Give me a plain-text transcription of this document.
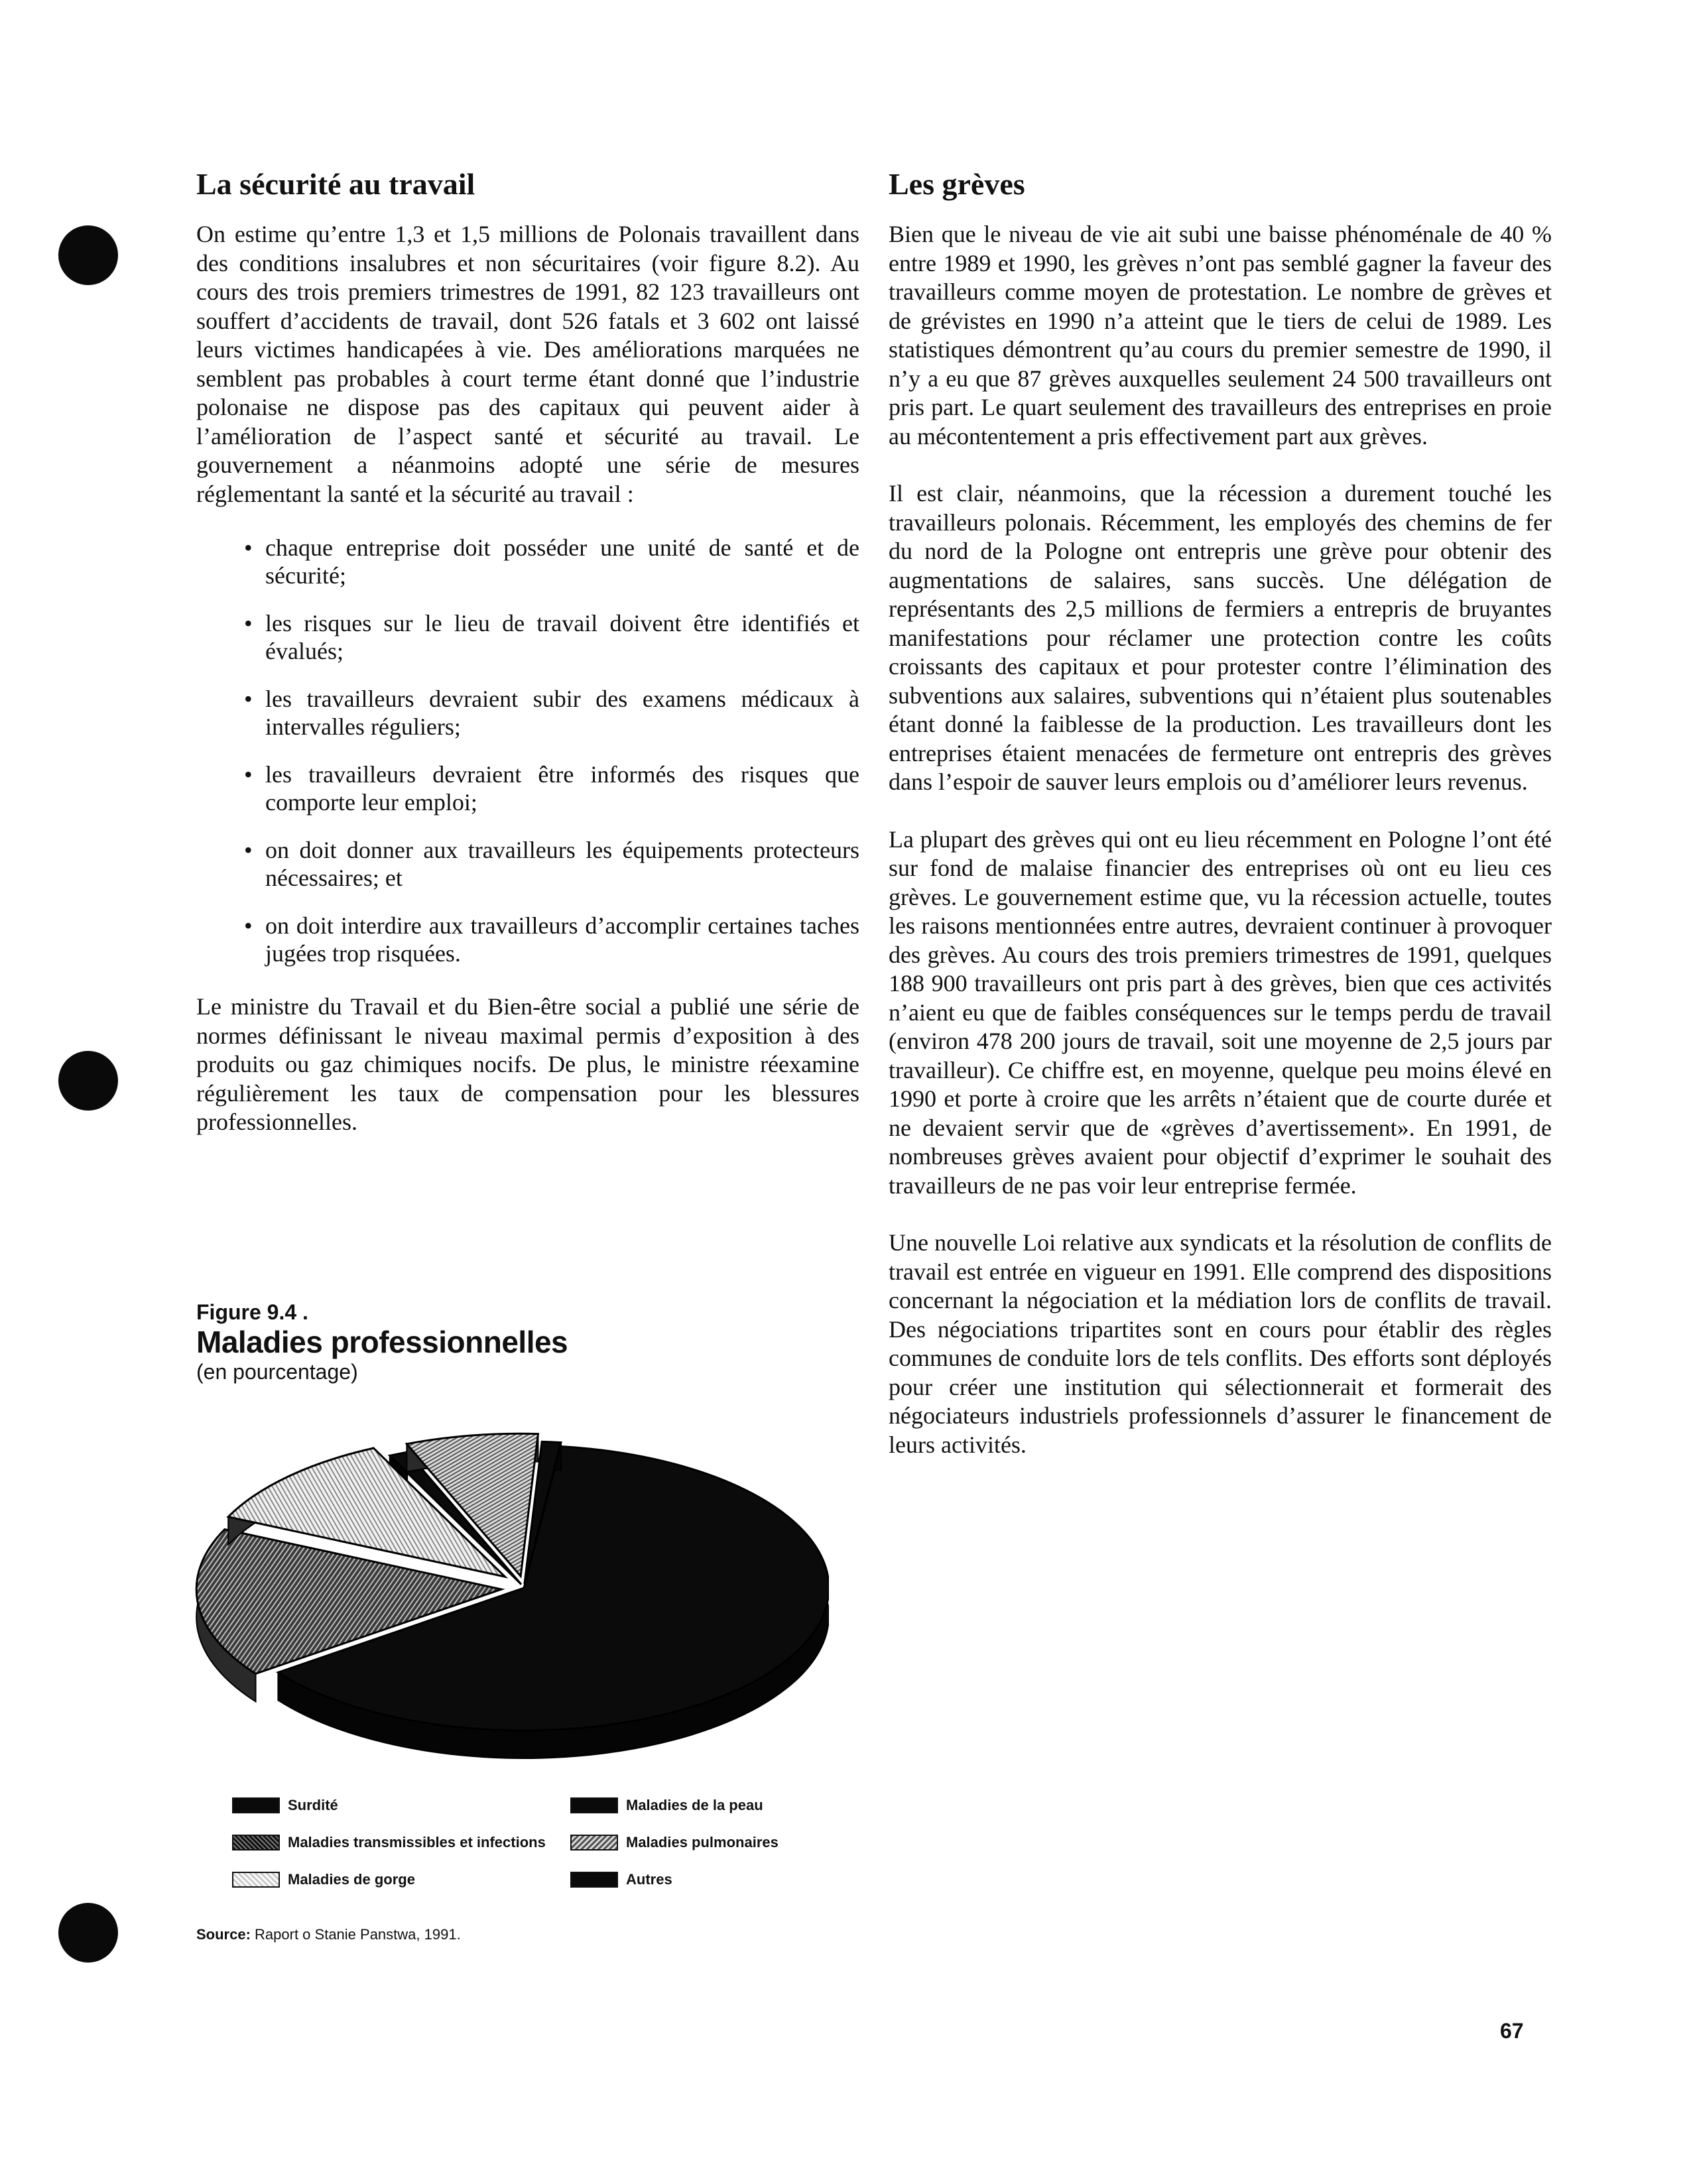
La sécurité au travail

On estime qu’entre 1,3 et 1,5 millions de Polonais travaillent dans des conditions insalubres et non sécuritaires (voir figure 8.2). Au cours des trois premiers trimestres de 1991, 82 123 travailleurs ont souffert d’accidents de travail, dont 526 fatals et 3 602 ont laissé leurs victimes handicapées à vie. Des améliorations marquées ne semblent pas probables à court terme étant donné que l’industrie polonaise ne dispose pas des capitaux qui peuvent aider à l’amélioration de l’aspect santé et sécurité au travail. Le gouvernement a néanmoins adopté une série de mesures réglementant la santé et la sécurité au travail :

• chaque entreprise doit posséder une unité de santé et de sécurité;
• les risques sur le lieu de travail doivent être identifiés et évalués;
• les travailleurs devraient subir des examens médicaux à intervalles réguliers;
• les travailleurs devraient être informés des risques que comporte leur emploi;
• on doit donner aux travailleurs les équipements protecteurs nécessaires; et
• on doit interdire aux travailleurs d’accomplir certaines taches jugées trop risquées.

Le ministre du Travail et du Bien-être social a publié une série de normes définissant le niveau maximal permis d’exposition à des produits ou gaz chimiques nocifs. De plus, le ministre réexamine régulièrement les taux de compensation pour les blessures professionnelles.

Les grèves

Bien que le niveau de vie ait subi une baisse phénoménale de 40 % entre 1989 et 1990, les grèves n’ont pas semblé gagner la faveur des travailleurs comme moyen de protestation. Le nombre de grèves et de grévistes en 1990 n’a atteint que le tiers de celui de 1989. Les statistiques démontrent qu’au cours du premier semestre de 1990, il n’y a eu que 87 grèves auxquelles seulement 24 500 travailleurs ont pris part. Le quart seulement des travailleurs des entreprises en proie au mécontentement a pris effectivement part aux grèves.

Il est clair, néanmoins, que la récession a durement touché les travailleurs polonais. Récemment, les employés des chemins de fer du nord de la Pologne ont entrepris une grève pour obtenir des augmentations de salaires, sans succès. Une délégation de représentants des 2,5 millions de fermiers a entrepris de bruyantes manifestations pour réclamer une protection contre les coûts croissants des capitaux et pour protester contre l’élimination des subventions aux salaires, subventions qui n’étaient plus soutenables étant donné la faiblesse de la production. Les travailleurs dont les entreprises étaient menacées de fermeture ont entrepris des grèves dans l’espoir de sauver leurs emplois ou d’améliorer leurs revenus.

La plupart des grèves qui ont eu lieu récemment en Pologne l’ont été sur fond de malaise financier des entreprises où ont eu lieu ces grèves. Le gouvernement estime que, vu la récession actuelle, toutes les raisons mentionnées entre autres, devraient continuer à provoquer des grèves. Au cours des trois premiers trimestres de 1991, quelques 188 900 travailleurs ont pris part à des grèves, bien que ces activités n’aient eu que de faibles conséquences sur le temps perdu de travail (environ 478 200 jours de travail, soit une moyenne de 2,5 jours par travailleur). Ce chiffre est, en moyenne, quelque peu moins élevé en 1990 et porte à croire que les arrêts n’étaient que de courte durée et ne devaient servir que de «grèves d’avertissement». En 1991, de nombreuses grèves avaient pour objectif d’exprimer le souhait des travailleurs de ne pas voir leur entreprise fermée.

Une nouvelle Loi relative aux syndicats et la résolution de conflits de travail est entrée en vigueur en 1991. Elle comprend des dispositions concernant la négociation et la médiation lors de conflits de travail. Des négociations tripartites sont en cours pour établir des règles communes de conduite lors de tels conflits. Des efforts sont déployés pour créer une institution qui sélectionnerait et formerait des négociateurs industriels professionnels d’assurer le financement de leurs activités.

Figure 9.4 .
Maladies professionnelles
(en pourcentage)
Surdité
Maladies transmissibles et infections
Maladies de gorge
Maladies de la peau
Maladies pulmonaires
Autres
Source: Raport o Stanie Panstwa, 1991.
67
